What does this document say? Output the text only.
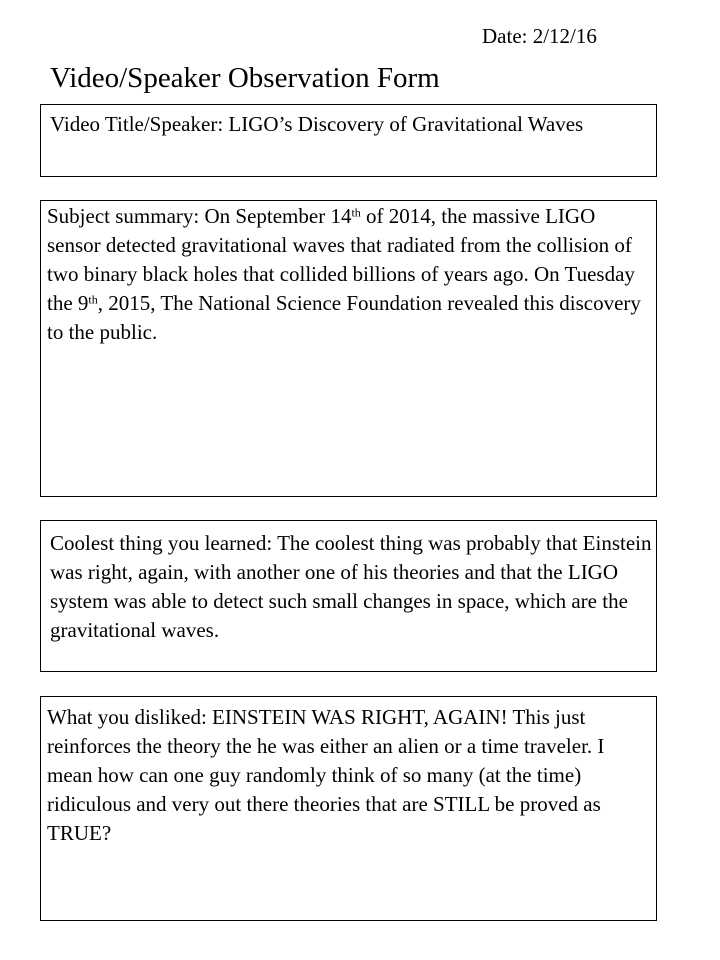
Date: 2/12/16
Video/Speaker Observation Form

Video Title/Speaker: LIGO’s Discovery of Gravitational Waves

Subject summary: On September 14th of 2014, the massive LIGO sensor detected gravitational waves that radiated from the collision of two binary black holes that collided billions of years ago. On Tuesday the 9th, 2015, The National Science Foundation revealed this discovery to the public.

Coolest thing you learned: The coolest thing was probably that Einstein was right, again, with another one of his theories and that the LIGO system was able to detect such small changes in space, which are the gravitational waves.

What you disliked: EINSTEIN WAS RIGHT, AGAIN! This just reinforces the theory the he was either an alien or a time traveler. I mean how can one guy randomly think of so many (at the time) ridiculous and very out there theories that are STILL be proved as TRUE?
